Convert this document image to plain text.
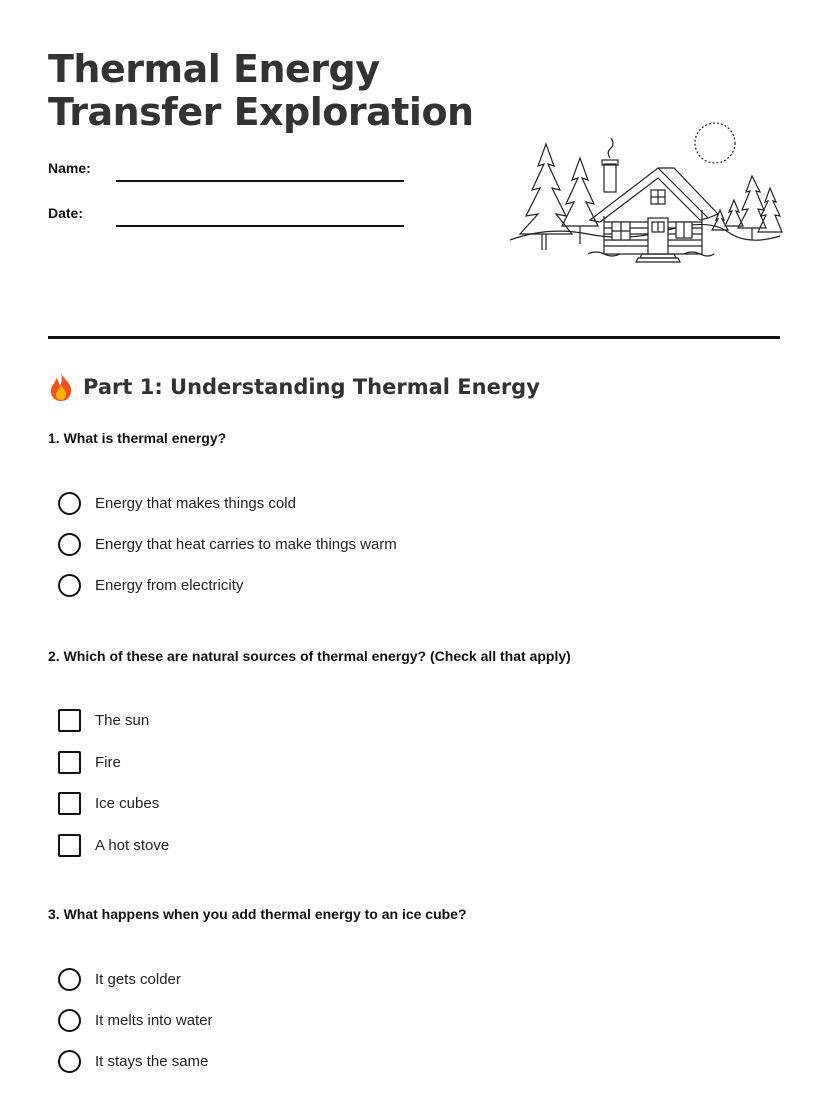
Thermal Energy Transfer Exploration
Name:
Date:
Part 1: Understanding Thermal Energy
1. What is thermal energy?
Energy that makes things cold
Energy that heat carries to make things warm
Energy from electricity
2. Which of these are natural sources of thermal energy? (Check all that apply)
The sun
Fire
Ice cubes
A hot stove
3. What happens when you add thermal energy to an ice cube?
It gets colder
It melts into water
It stays the same
